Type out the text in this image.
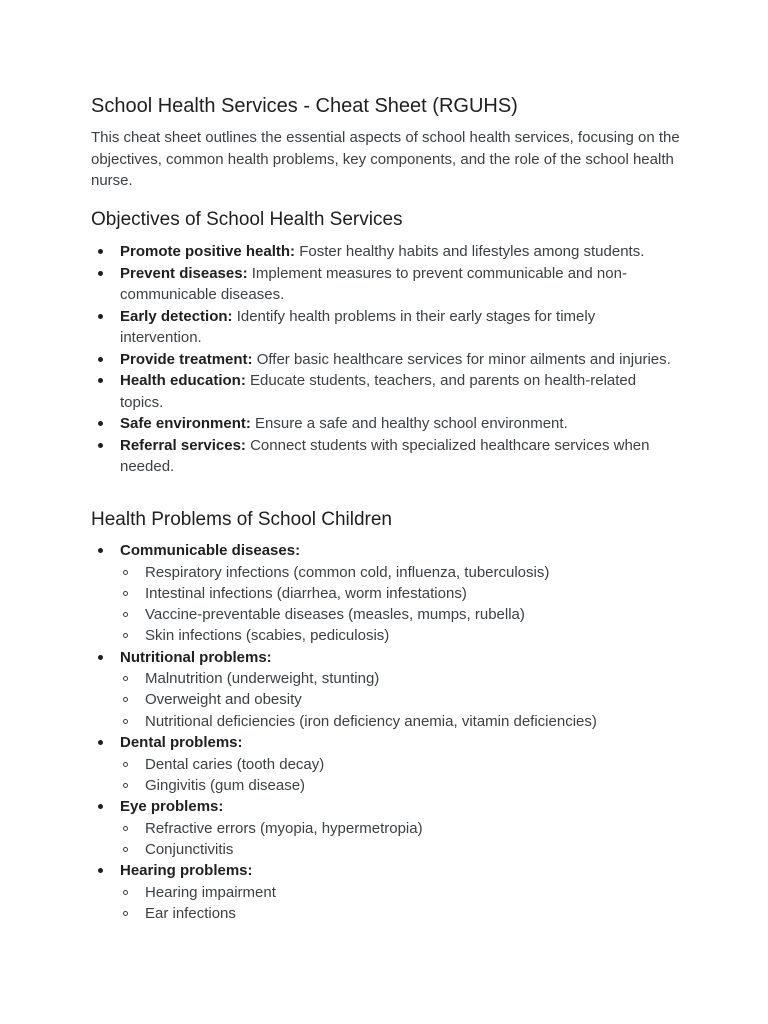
School Health Services - Cheat Sheet (RGUHS)

This cheat sheet outlines the essential aspects of school health services, focusing on the objectives, common health problems, key components, and the role of the school health nurse.

Objectives of School Health Services
Promote positive health: Foster healthy habits and lifestyles among students.
Prevent diseases: Implement measures to prevent communicable and non-communicable diseases.
Early detection: Identify health problems in their early stages for timely intervention.
Provide treatment: Offer basic healthcare services for minor ailments and injuries.
Health education: Educate students, teachers, and parents on health-related topics.
Safe environment: Ensure a safe and healthy school environment.
Referral services: Connect students with specialized healthcare services when needed.
Health Problems of School Children
Communicable diseases:
Respiratory infections (common cold, influenza, tuberculosis)
Intestinal infections (diarrhea, worm infestations)
Vaccine-preventable diseases (measles, mumps, rubella)
Skin infections (scabies, pediculosis)
Nutritional problems:
Malnutrition (underweight, stunting)
Overweight and obesity
Nutritional deficiencies (iron deficiency anemia, vitamin deficiencies)
Dental problems:
Dental caries (tooth decay)
Gingivitis (gum disease)
Eye problems:
Refractive errors (myopia, hypermetropia)
Conjunctivitis
Hearing problems:
Hearing impairment
Ear infections
